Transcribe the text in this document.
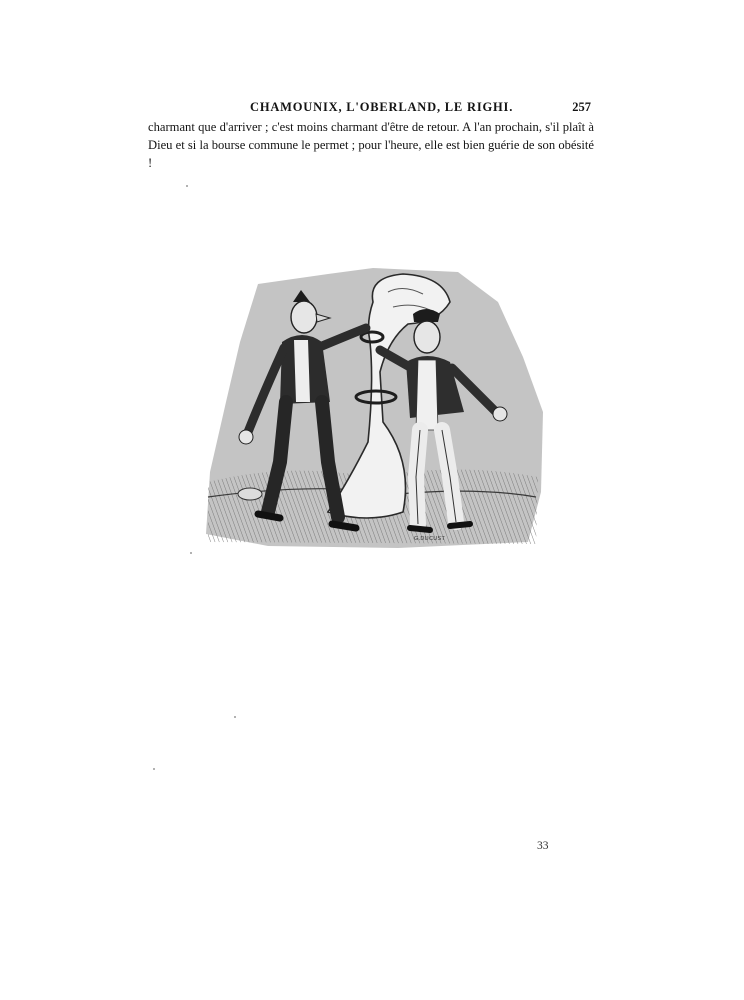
CHAMOUNIX, L'OBERLAND, LE RIGHI.	257

charmant que d'arriver ; c'est moins charmant d'être de retour. A l'an prochain, s'il plaît à Dieu et si la bourse commune le permet ; pour l'heure, elle est bien guérie de son obésité !

G.DUCUST
33
